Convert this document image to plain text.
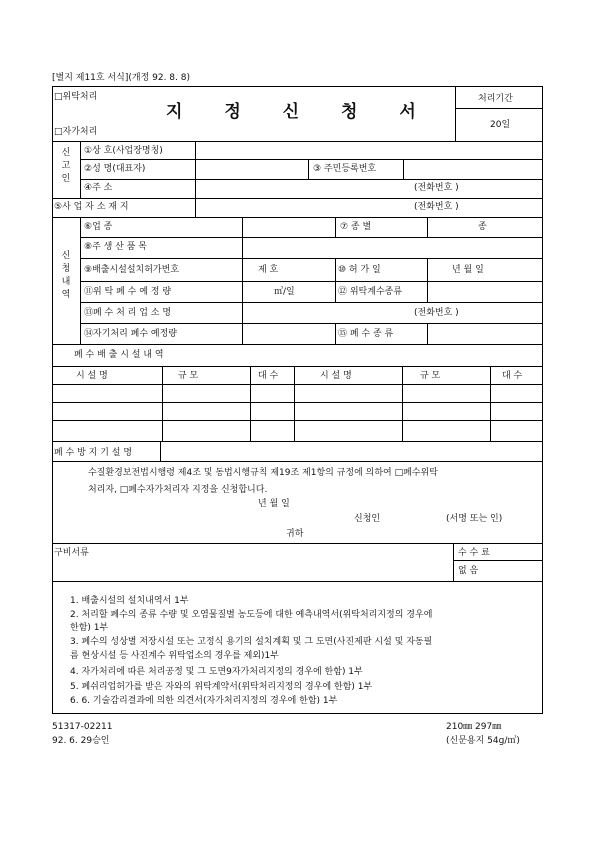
[별지 제11호 서식](개정 92. 8. 8)
□위탁처리
□자가처리
지 정 신 청 서
처리기간
20일
신고인
①상 호(사업장명칭)
②성 명(대표자)	③ 주민등록번호
④주 소	(전화번호 )
⑤사 업 자 소 재 지	(전화번호 )
신청내역
⑥업 종	⑦ 종 별	종
⑧주 생 산 품 목
⑨배출시설설치허가번호	제 호	⑩ 허 가 일	년 월 일
⑪위 탁 폐 수 예 정 량	㎥/일	⑫ 위탁계수종류
⑬폐 수 처 리 업 소 명	(전화번호 )
⑭자기처리 폐수 예정량	⑮ 폐 수 종 류
폐 수 배 출 시 설 내 역
시 설 명	규 모	대 수	시 설 명	규 모	대 수
폐 수 방 지 기 설 명
수질환경보전법시행령 제4조 및 동법시행규칙 제19조 제1항의 규정에 의하여 □폐수위탁
처리자, □폐수자가처리자 지정을 신청합니다.
년 월 일
신청인	(서명 또는 인)
귀하
구비서류	수 수 료
없 음
1. 배출시설의 설치내역서 1부
2. 처리할 폐수의 종류 수량 및 오염물질별 농도등에 대한 예측내역서(위탁처리지정의 경우에
한함) 1부
3. 폐수의 성상별 저장시설 또는 고정식 용기의 설치계획 및 그 도면(사진제판 시설 및 자동필
름 현상시설 등 사진계수 위탁업소의 경우를 제외)1부
4. 자가처리에 따른 처리공정 및 그 도면9자가처리지정의 경우에 한함) 1부
5. 폐쉬리업허가를 받은 자와의 위탁계약서(위탁처리지정의 경우에 한함) 1부
6. 6. 기술감리결과에 의한 의견서(자가처리지정의 경우에 한함) 1부
51317-02211
92. 6. 29승인
210㎜ 297㎜
(신문용지 54g/㎡)
